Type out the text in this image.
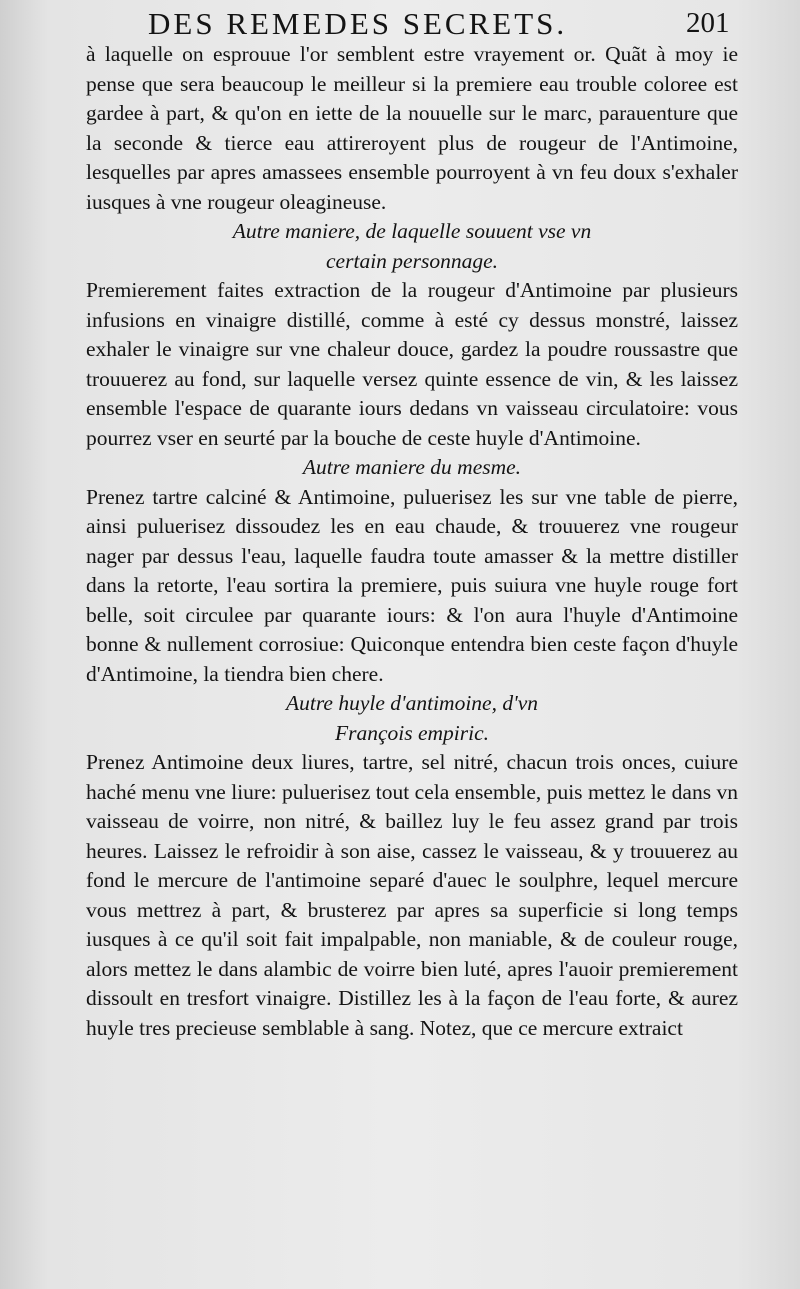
DES REMEDES SECRETS.	201

à laquelle on esprouue l'or semblent estre vrayement or. Quãt à moy ie pense que sera beaucoup le meilleur si la premiere eau trouble coloree est gardee à part, & qu'on en iette de la nouuelle sur le marc, parauenture que la seconde & tierce eau attireroyent plus de rougeur de l'Antimoine, lesquelles par apres amassees ensemble pourroyent à vn feu doux s'exhaler iusques à vne rougeur oleagineuse.

Autre maniere, de laquelle souuent vse vn
certain personnage.

Premierement faites extraction de la rougeur d'Antimoine par plusieurs infusions en vinaigre distillé, comme à esté cy dessus monstré, laissez exhaler le vinaigre sur vne chaleur douce, gardez la poudre roussastre que trouuerez au fond, sur laquelle versez quinte essence de vin, & les laissez ensemble l'espace de quarante iours dedans vn vaisseau circulatoire: vous pourrez vser en seurté par la bouche de ceste huyle d'Antimoine.

Autre maniere du mesme.

Prenez tartre calciné & Antimoine, puluerisez les sur vne table de pierre, ainsi puluerisez dissoudez les en eau chaude, & trouuerez vne rougeur nager par dessus l'eau, laquelle faudra toute amasser & la mettre distiller dans la retorte, l'eau sortira la premiere, puis suiura vne huyle rouge fort belle, soit circulee par quarante iours: & l'on aura l'huyle d'Antimoine bonne & nullement corrosiue: Quiconque entendra bien ceste façon d'huyle d'Antimoine, la tiendra bien chere.

Autre huyle d'antimoine, d'vn
François empiric.

Prenez Antimoine deux liures, tartre, sel nitré, chacun trois onces, cuiure haché menu vne liure: puluerisez tout cela ensemble, puis mettez le dans vn vaisseau de voirre, non nitré, & baillez luy le feu assez grand par trois heures. Laissez le refroidir à son aise, cassez le vaisseau, & y trouuerez au fond le mercure de l'antimoine separé d'auec le soulphre, lequel mercure vous mettrez à part, & brusterez par apres sa superficie si long temps iusques à ce qu'il soit fait impalpable, non maniable, & de couleur rouge, alors mettez le dans alambic de voirre bien luté, apres l'auoir premierement dissoult en tresfort vinaigre. Distillez les à la façon de l'eau forte, & aurez huyle tres precieuse semblable à sang. Notez, que ce mercure extraict
